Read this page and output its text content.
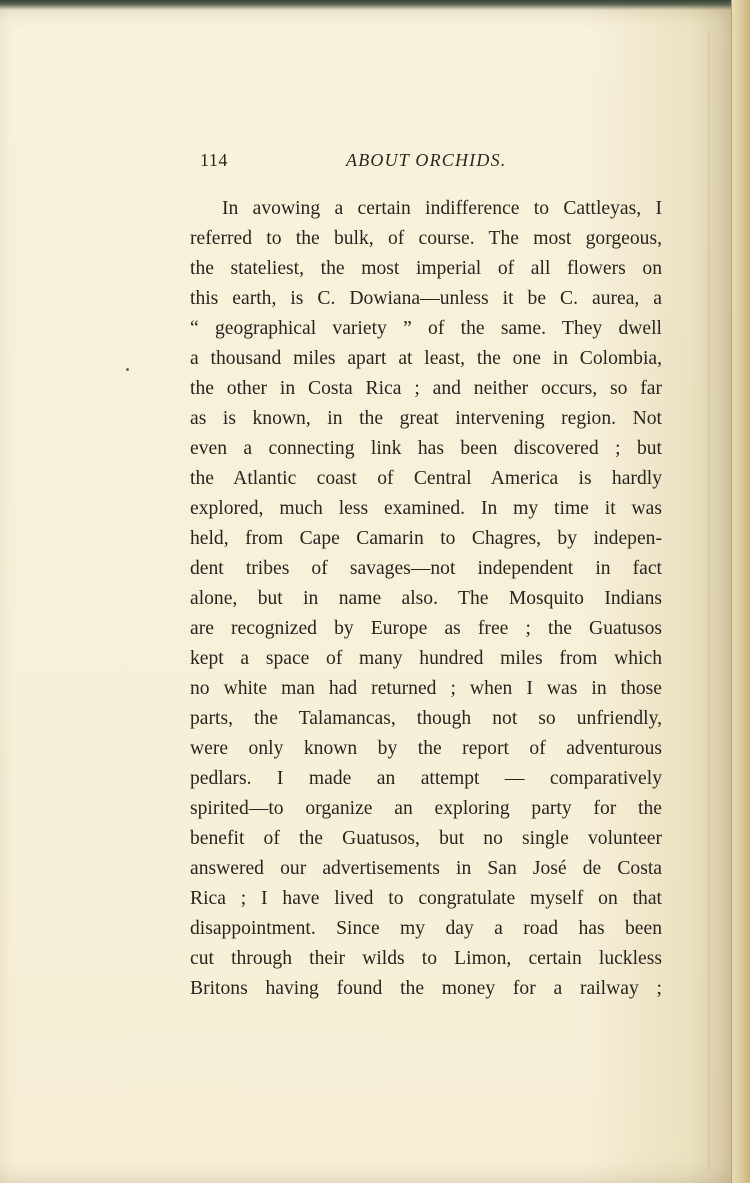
114	ABOUT ORCHIDS.
In avowing a certain indifference to Cattleyas, I
referred to the bulk, of course. The most gorgeous,
the stateliest, the most imperial of all flowers on
this earth, is C. Dowiana—unless it be C. aurea, a
“ geographical variety ” of the same. They dwell
a thousand miles apart at least, the one in Colombia,
the other in Costa Rica ; and neither occurs, so far
as is known, in the great intervening region. Not
even a connecting link has been discovered ; but
the Atlantic coast of Central America is hardly
explored, much less examined. In my time it was
held, from Cape Camarin to Chagres, by indepen-
dent tribes of savages—not independent in fact
alone, but in name also. The Mosquito Indians
are recognized by Europe as free ; the Guatusos
kept a space of many hundred miles from which
no white man had returned ; when I was in those
parts, the Talamancas, though not so unfriendly,
were only known by the report of adventurous
pedlars. I made an attempt — comparatively
spirited—to organize an exploring party for the
benefit of the Guatusos, but no single volunteer
answered our advertisements in San José de Costa
Rica ; I have lived to congratulate myself on that
disappointment. Since my day a road has been
cut through their wilds to Limon, certain luckless
Britons having found the money for a railway ;
